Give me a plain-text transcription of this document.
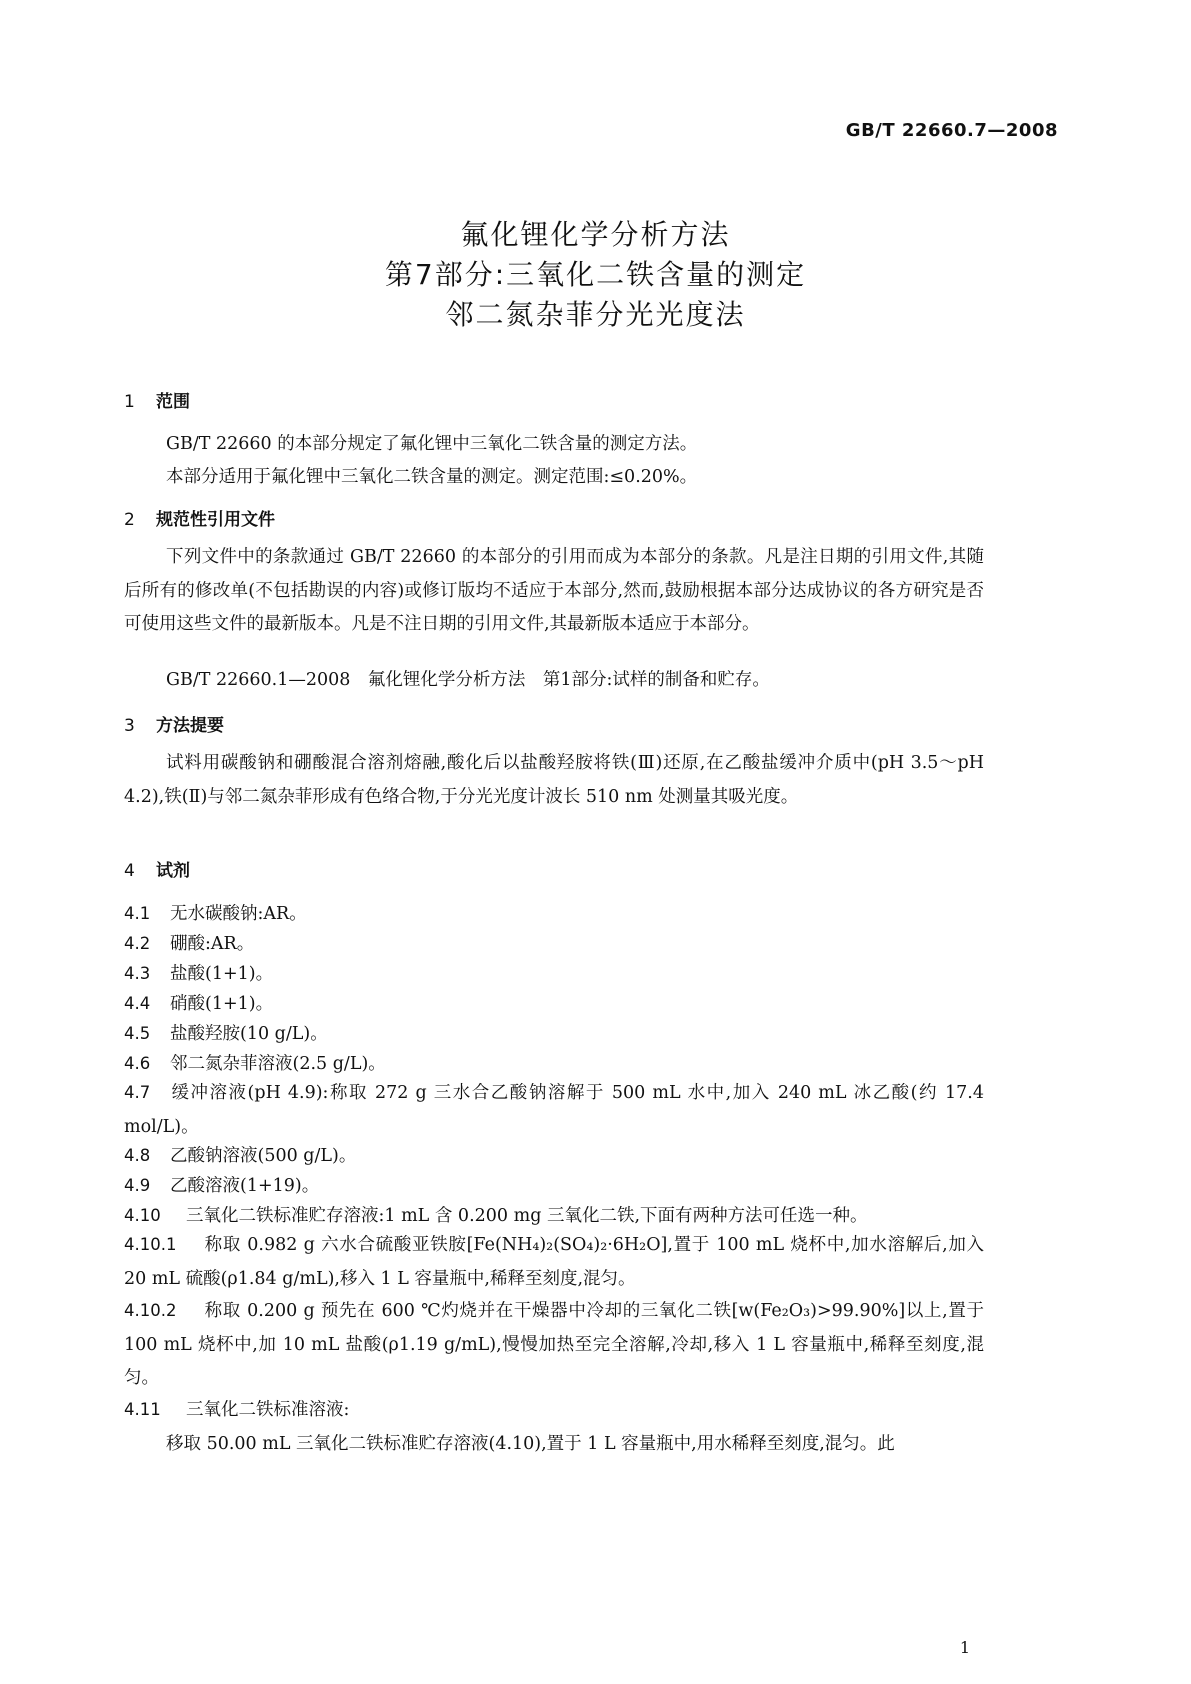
GB/T 22660.7—2008
氟化锂化学分析方法
第7部分:三氧化二铁含量的测定
邻二氮杂菲分光光度法
1 范围
GB/T 22660 的本部分规定了氟化锂中三氧化二铁含量的测定方法。
本部分适用于氟化锂中三氧化二铁含量的测定。测定范围:≤0.20%。
2 规范性引用文件
下列文件中的条款通过 GB/T 22660 的本部分的引用而成为本部分的条款。凡是注日期的引用文件,其随后所有的修改单(不包括勘误的内容)或修订版均不适应于本部分,然而,鼓励根据本部分达成协议的各方研究是否可使用这些文件的最新版本。凡是不注日期的引用文件,其最新版本适应于本部分。
GB/T 22660.1—2008　氟化锂化学分析方法　第1部分:试样的制备和贮存。
3 方法提要
试料用碳酸钠和硼酸混合溶剂熔融,酸化后以盐酸羟胺将铁(Ⅲ)还原,在乙酸盐缓冲介质中(pH 3.5～pH 4.2),铁(Ⅱ)与邻二氮杂菲形成有色络合物,于分光光度计波长 510 nm 处测量其吸光度。
4 试剂
4.1 无水碳酸钠:AR。
4.2 硼酸:AR。
4.3 盐酸(1+1)。
4.4 硝酸(1+1)。
4.5 盐酸羟胺(10 g/L)。
4.6 邻二氮杂菲溶液(2.5 g/L)。
4.7 缓冲溶液(pH 4.9):称取 272 g 三水合乙酸钠溶解于 500 mL 水中,加入 240 mL 冰乙酸(约 17.4 mol/L)。
4.8 乙酸钠溶液(500 g/L)。
4.9 乙酸溶液(1+19)。
4.10 三氧化二铁标准贮存溶液:1 mL 含 0.200 mg 三氧化二铁,下面有两种方法可任选一种。
4.10.1 称取 0.982 g 六水合硫酸亚铁胺[Fe(NH₄)₂(SO₄)₂·6H₂O],置于 100 mL 烧杯中,加水溶解后,加入 20 mL 硫酸(ρ1.84 g/mL),移入 1 L 容量瓶中,稀释至刻度,混匀。
4.10.2 称取 0.200 g 预先在 600 ℃灼烧并在干燥器中冷却的三氧化二铁[w(Fe₂O₃)>99.90%]以上,置于 100 mL 烧杯中,加 10 mL 盐酸(ρ1.19 g/mL),慢慢加热至完全溶解,冷却,移入 1 L 容量瓶中,稀释至刻度,混匀。
4.11 三氧化二铁标准溶液:
移取 50.00 mL 三氧化二铁标准贮存溶液(4.10),置于 1 L 容量瓶中,用水稀释至刻度,混匀。此
1
